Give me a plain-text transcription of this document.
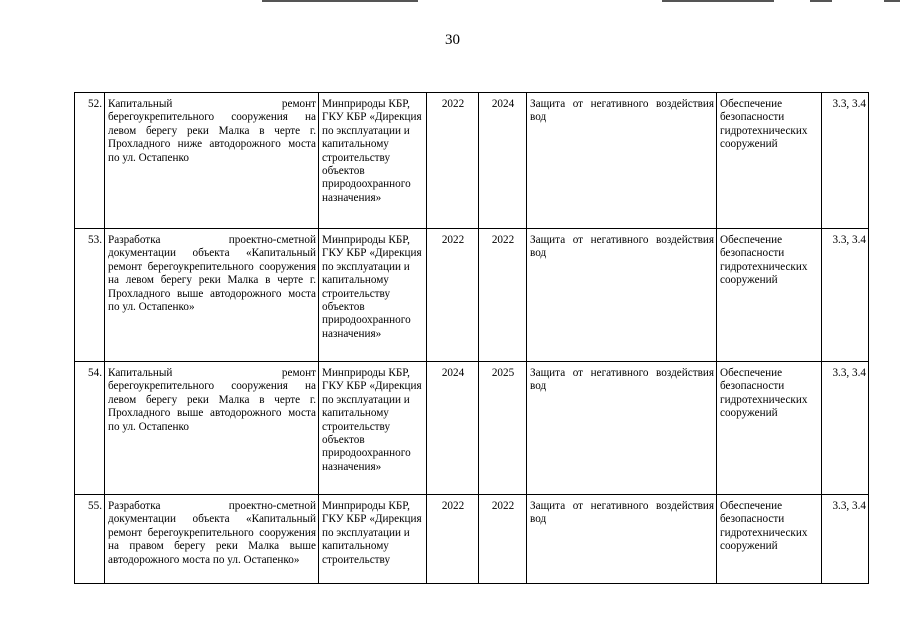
30
52.	Капитальный ремонт берегоукрепительного сооружения на левом берегу реки Малка в черте г. Прохладного ниже автодорожного моста по ул. Остапенко	Минприроды КБР, ГКУ КБР «Дирекция по эксплуатации и капитальному строительству объектов природоохранного назначения»	2022	2024	Защита от негативного воздействия вод	Обеспечение безопасности гидротехнических сооружений	3.3, 3.4
53.	Разработка проектно-сметной документации объекта «Капитальный ремонт берегоукрепительного сооружения на левом берегу реки Малка в черте г. Прохладного выше автодорожного моста по ул. Остапенко»	Минприроды КБР, ГКУ КБР «Дирекция по эксплуатации и капитальному строительству объектов природоохранного назначения»	2022	2022	Защита от негативного воздействия вод	Обеспечение безопасности гидротехнических сооружений	3.3, 3.4
54.	Капитальный ремонт берегоукрепительного сооружения на левом берегу реки Малка в черте г. Прохладного выше автодорожного моста по ул. Остапенко	Минприроды КБР, ГКУ КБР «Дирекция по эксплуатации и капитальному строительству объектов природоохранного назначения»	2024	2025	Защита от негативного воздействия вод	Обеспечение безопасности гидротехнических сооружений	3.3, 3.4
55.	Разработка проектно-сметной документации объекта «Капитальный ремонт берегоукрепительного сооружения на правом берегу реки Малка выше автодорожного моста по ул. Остапенко»	Минприроды КБР, ГКУ КБР «Дирекция по эксплуатации и капитальному строительству	2022	2022	Защита от негативного воздействия вод	Обеспечение безопасности гидротехнических сооружений	3.3, 3.4
